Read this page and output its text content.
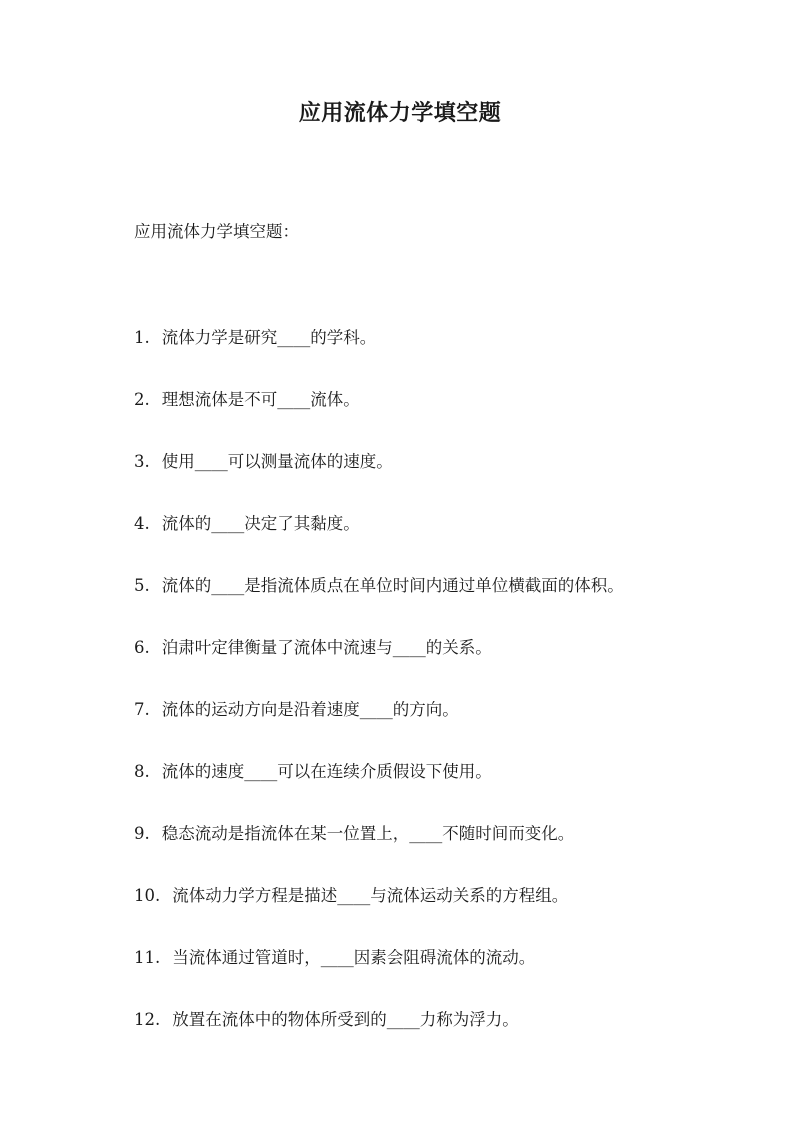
应用流体力学填空题

应用流体力学填空题：

1. 流体力学是研究____的学科。
2. 理想流体是不可____流体。
3. 使用____可以测量流体的速度。
4. 流体的____决定了其黏度。
5. 流体的____是指流体质点在单位时间内通过单位横截面的体积。
6. 泊肃叶定律衡量了流体中流速与____的关系。
7. 流体的运动方向是沿着速度____的方向。
8. 流体的速度____可以在连续介质假设下使用。
9. 稳态流动是指流体在某一位置上，____不随时间而变化。
10. 流体动力学方程是描述____与流体运动关系的方程组。
11. 当流体通过管道时，____因素会阻碍流体的流动。
12. 放置在流体中的物体所受到的____力称为浮力。
